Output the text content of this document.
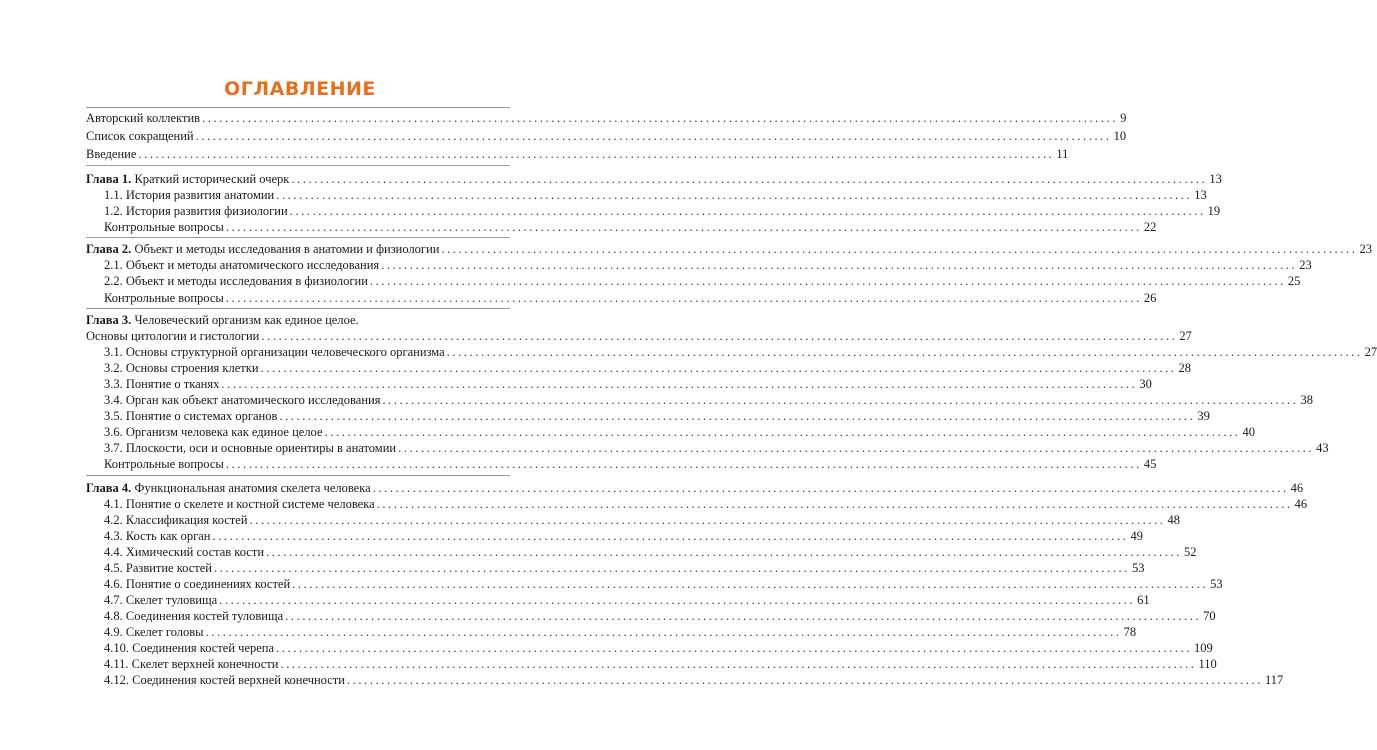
ОГЛАВЛЕНИЕ
Авторский коллектив ................................................................................................................................................................ 9
Список сокращений ................................................................................................................................................................ 10
Введение ................................................................................................................................................................ 11
Глава 1. Краткий исторический очерк ................................................................................................................................................................ 13
1.1. История развития анатомии ................................................................................................................................................................ 13
1.2. История развития физиологии ................................................................................................................................................................ 19
Контрольные вопросы ................................................................................................................................................................ 22
Глава 2. Объект и методы исследования в анатомии и физиологии ................................................................................................................................................................ 23
2.1. Объект и методы анатомического исследования ................................................................................................................................................................ 23
2.2. Объект и методы исследования в физиологии ................................................................................................................................................................ 25
Контрольные вопросы ................................................................................................................................................................ 26
Глава 3. Человеческий организм как единое целое.
Основы цитологии и гистологии ................................................................................................................................................................ 27
3.1. Основы структурной организации человеческого организма ................................................................................................................................................................ 27
3.2. Основы строения клетки ................................................................................................................................................................ 28
3.3. Понятие о тканях ................................................................................................................................................................ 30
3.4. Орган как объект анатомического исследования ................................................................................................................................................................ 38
3.5. Понятие о системах органов ................................................................................................................................................................ 39
3.6. Организм человека как единое целое ................................................................................................................................................................ 40
3.7. Плоскости, оси и основные ориентиры в анатомии ................................................................................................................................................................ 43
Контрольные вопросы ................................................................................................................................................................ 45
Глава 4. Функциональная анатомия скелета человека ................................................................................................................................................................ 46
4.1. Понятие о скелете и костной системе человека ................................................................................................................................................................ 46
4.2. Классификация костей ................................................................................................................................................................ 48
4.3. Кость как орган ................................................................................................................................................................ 49
4.4. Химический состав кости ................................................................................................................................................................ 52
4.5. Развитие костей ................................................................................................................................................................ 53
4.6. Понятие о соединениях костей ................................................................................................................................................................ 53
4.7. Скелет туловища ................................................................................................................................................................ 61
4.8. Соединения костей туловища ................................................................................................................................................................ 70
4.9. Скелет головы ................................................................................................................................................................ 78
4.10. Соединения костей черепа ................................................................................................................................................................ 109
4.11. Скелет верхней конечности ................................................................................................................................................................ 110
4.12. Соединения костей верхней конечности ................................................................................................................................................................ 117
